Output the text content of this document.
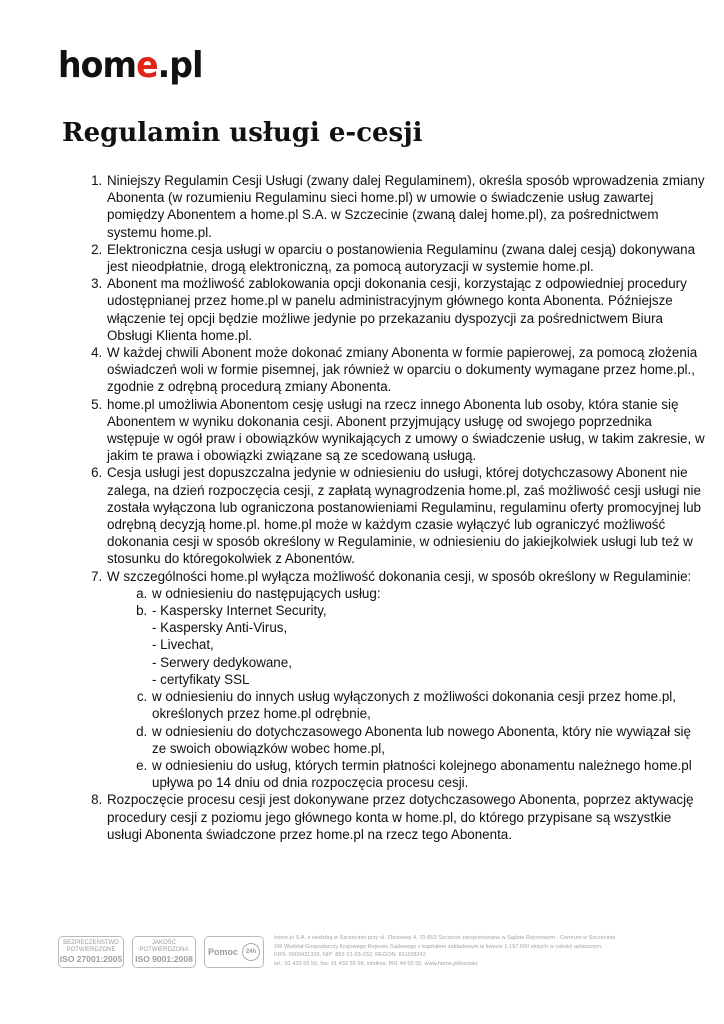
home.pl
Regulamin usługi e-cesji
1. Niniejszy Regulamin Cesji Usługi (zwany dalej Regulaminem), określa sposób wprowadzenia zmiany Abonenta (w rozumieniu Regulaminu sieci home.pl) w umowie o świadczenie usług zawartej pomiędzy Abonentem a home.pl S.A. w Szczecinie (zwaną dalej home.pl), za pośrednictwem systemu home.pl.
2. Elektroniczna cesja usługi w oparciu o postanowienia Regulaminu (zwana dalej cesją) dokonywana jest nieodpłatnie, drogą elektroniczną, za pomocą autoryzacji w systemie home.pl.
3. Abonent ma możliwość zablokowania opcji dokonania cesji, korzystając z odpowiedniej procedury udostępnianej przez home.pl w panelu administracyjnym głównego konta Abonenta. Późniejsze włączenie tej opcji będzie możliwe jedynie po przekazaniu dyspozycji za pośrednictwem Biura Obsługi Klienta home.pl.
4. W każdej chwili Abonent może dokonać zmiany Abonenta w formie papierowej, za pomocą złożenia oświadczeń woli w formie pisemnej, jak również w oparciu o dokumenty wymagane przez home.pl., zgodnie z odrębną procedurą zmiany Abonenta.
5. home.pl umożliwia Abonentom cesję usługi na rzecz innego Abonenta lub osoby, która stanie się Abonentem w wyniku dokonania cesji. Abonent przyjmujący usługę od swojego poprzednika wstępuje w ogół praw i obowiązków wynikających z umowy o świadczenie usług, w takim zakresie, w jakim te prawa i obowiązki związane są ze scedowaną usługą.
6. Cesja usługi jest dopuszczalna jedynie w odniesieniu do usługi, której dotychczasowy Abonent nie zalega, na dzień rozpoczęcia cesji, z zapłatą wynagrodzenia home.pl, zaś możliwość cesji usługi nie została wyłączona lub ograniczona postanowieniami Regulaminu, regulaminu oferty promocyjnej lub odrębną decyzją home.pl. home.pl może w każdym czasie wyłączyć lub ograniczyć możliwość dokonania cesji w sposób określony w Regulaminie, w odniesieniu do jakiejkolwiek usługi lub też w stosunku do któregokolwiek z Abonentów.
7. W szczególności home.pl wyłącza możliwość dokonania cesji, w sposób określony w Regulaminie:
a. w odniesieniu do następujących usług:
b. - Kaspersky Internet Security,
- Kaspersky Anti-Virus,
- Livechat,
- Serwery dedykowane,
- certyfikaty SSL
c. w odniesieniu do innych usług wyłączonych z możliwości dokonania cesji przez home.pl, określonych przez home.pl odrębnie,
d. w odniesieniu do dotychczasowego Abonenta lub nowego Abonenta, który nie wywiązał się ze swoich obowiązków wobec home.pl,
e. w odniesieniu do usług, których termin płatności kolejnego abonamentu należnego home.pl upływa po 14 dniu od dnia rozpoczęcia procesu cesji.
8. Rozpoczęcie procesu cesji jest dokonywane przez dotychczasowego Abonenta, poprzez aktywację procedury cesji z poziomu jego głównego konta w home.pl, do którego przypisane są wszystkie usługi Abonenta świadczone przez home.pl na rzecz tego Abonenta.
BEZPIECZEŃSTWO
POTWIERDZONE
ISO 27001:2005
JAKOŚĆ
POTWIERDZONA
ISO 9001:2008
Pomoc	24h
home.pl S.A. z siedzibą w Szczecinie przy ul. Zbożowej 4, 70-653 Szczecin zarejestrowana w Sądzie Rejonowym - Centrum w Szczecinie
XIII Wydział Gospodarczy Krajowego Rejestru Sądowego z kapitałem zakładowym w kwocie 1.197.600 złotych w całości opłaconym.
KRS: 0000431335, NIP: 852-21-03-252, REGON: 811158242
tel.: 91 432 55 55, fax: 91 432 55 99, infolinia: 801 44 55 55, www.home.pl/kontakt
